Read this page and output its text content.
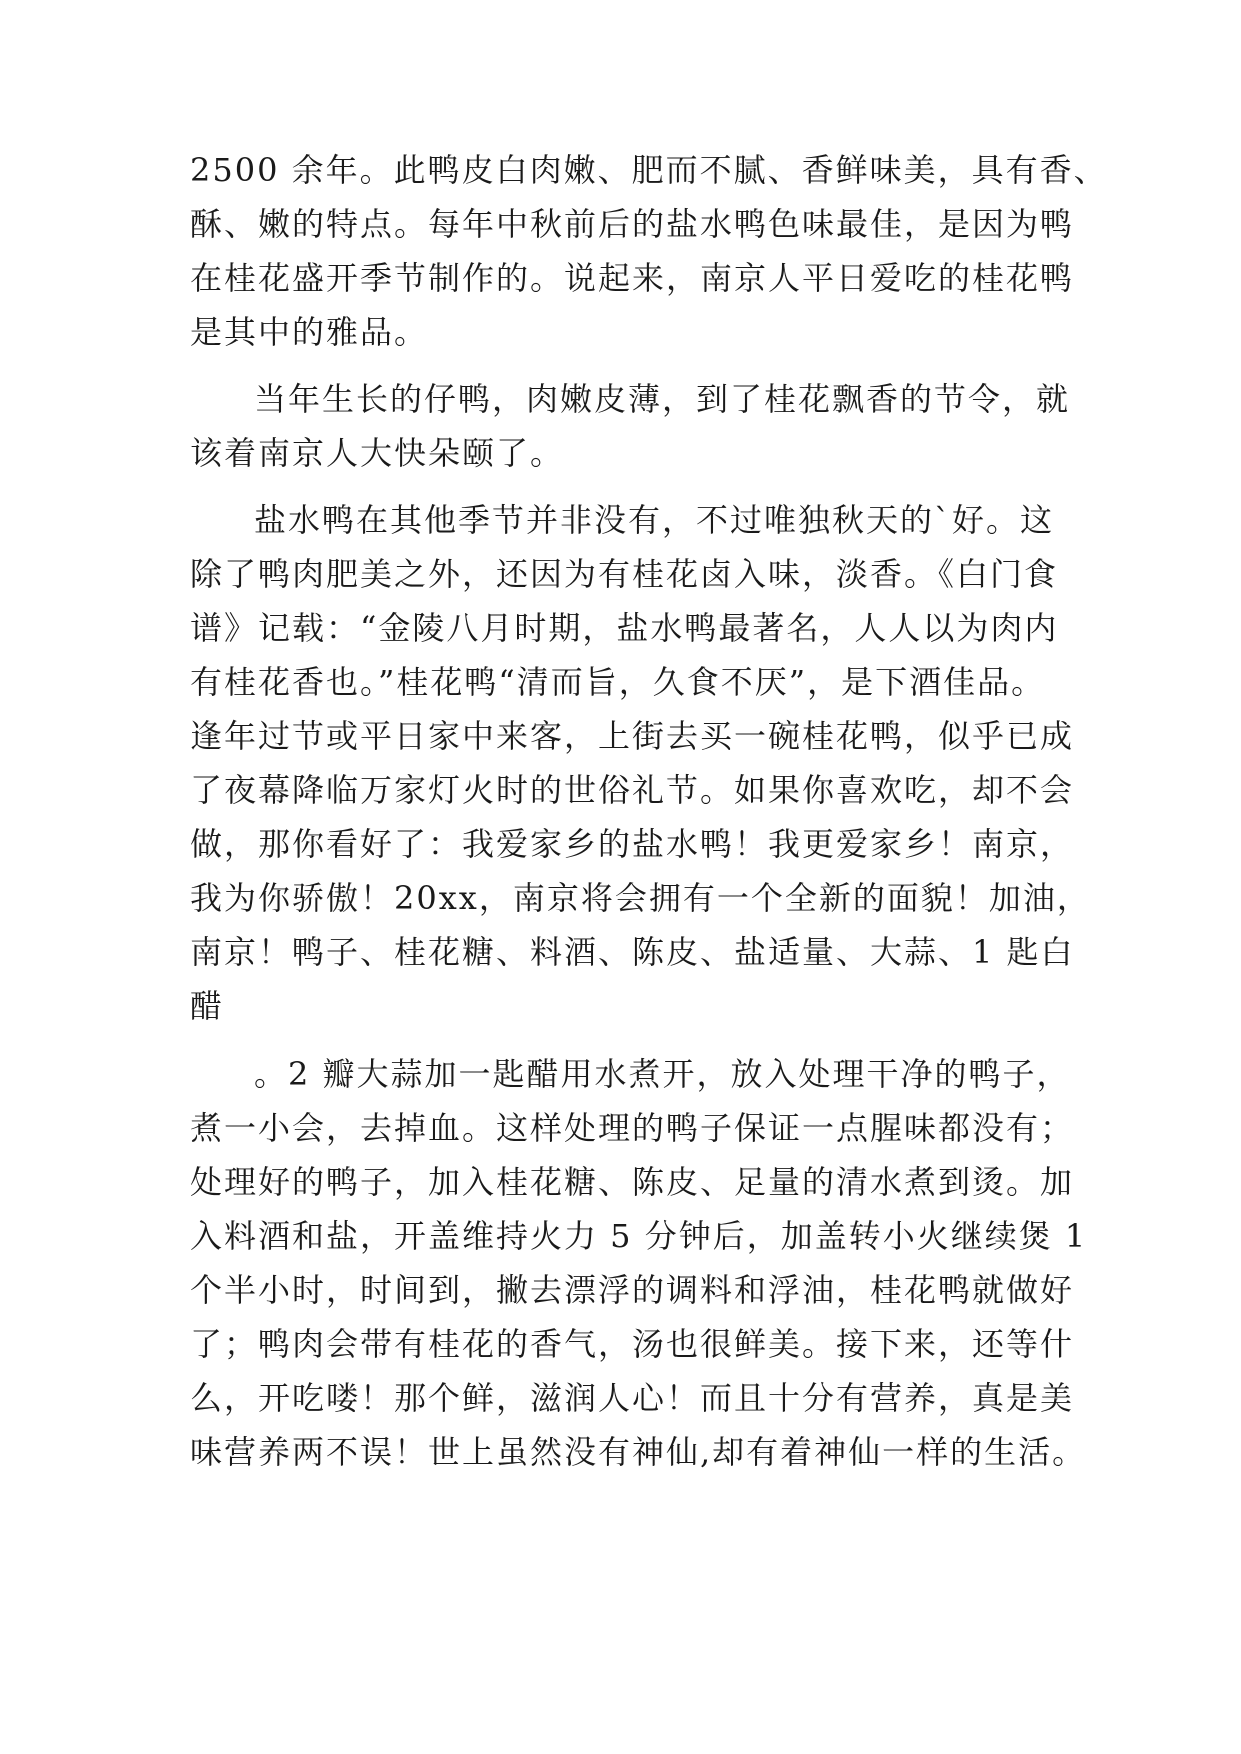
2500 余年。此鸭皮白肉嫩、肥而不腻、香鲜味美，具有香、
酥、嫩的特点。每年中秋前后的盐水鸭色味最佳，是因为鸭
在桂花盛开季节制作的。说起来，南京人平日爱吃的桂花鸭
是其中的雅品。
当年生长的仔鸭，肉嫩皮薄，到了桂花飘香的节令，就
该着南京人大快朵颐了。
盐水鸭在其他季节并非没有，不过唯独秋天的`好。这
除了鸭肉肥美之外，还因为有桂花卤入味，淡香。《白门食
谱》记载：“金陵八月时期，盐水鸭最著名，人人以为肉内
有桂花香也。”桂花鸭“清而旨，久食不厌”，是下酒佳品。
逢年过节或平日家中来客，上街去买一碗桂花鸭，似乎已成
了夜幕降临万家灯火时的世俗礼节。如果你喜欢吃，却不会
做，那你看好了：我爱家乡的盐水鸭！我更爱家乡！南京，
我为你骄傲！20xx，南京将会拥有一个全新的面貌！加油，
南京！鸭子、桂花糖、料酒、陈皮、盐适量、大蒜、1 匙白
醋
。2 瓣大蒜加一匙醋用水煮开，放入处理干净的鸭子，
煮一小会，去掉血。这样处理的鸭子保证一点腥味都没有；
处理好的鸭子，加入桂花糖、陈皮、足量的清水煮到烫。加
入料酒和盐，开盖维持火力 5 分钟后，加盖转小火继续煲 1
个半小时，时间到，撇去漂浮的调料和浮油，桂花鸭就做好
了；鸭肉会带有桂花的香气，汤也很鲜美。接下来，还等什
么，开吃喽！那个鲜，滋润人心！而且十分有营养，真是美
味营养两不误！世上虽然没有神仙,却有着神仙一样的生活。
